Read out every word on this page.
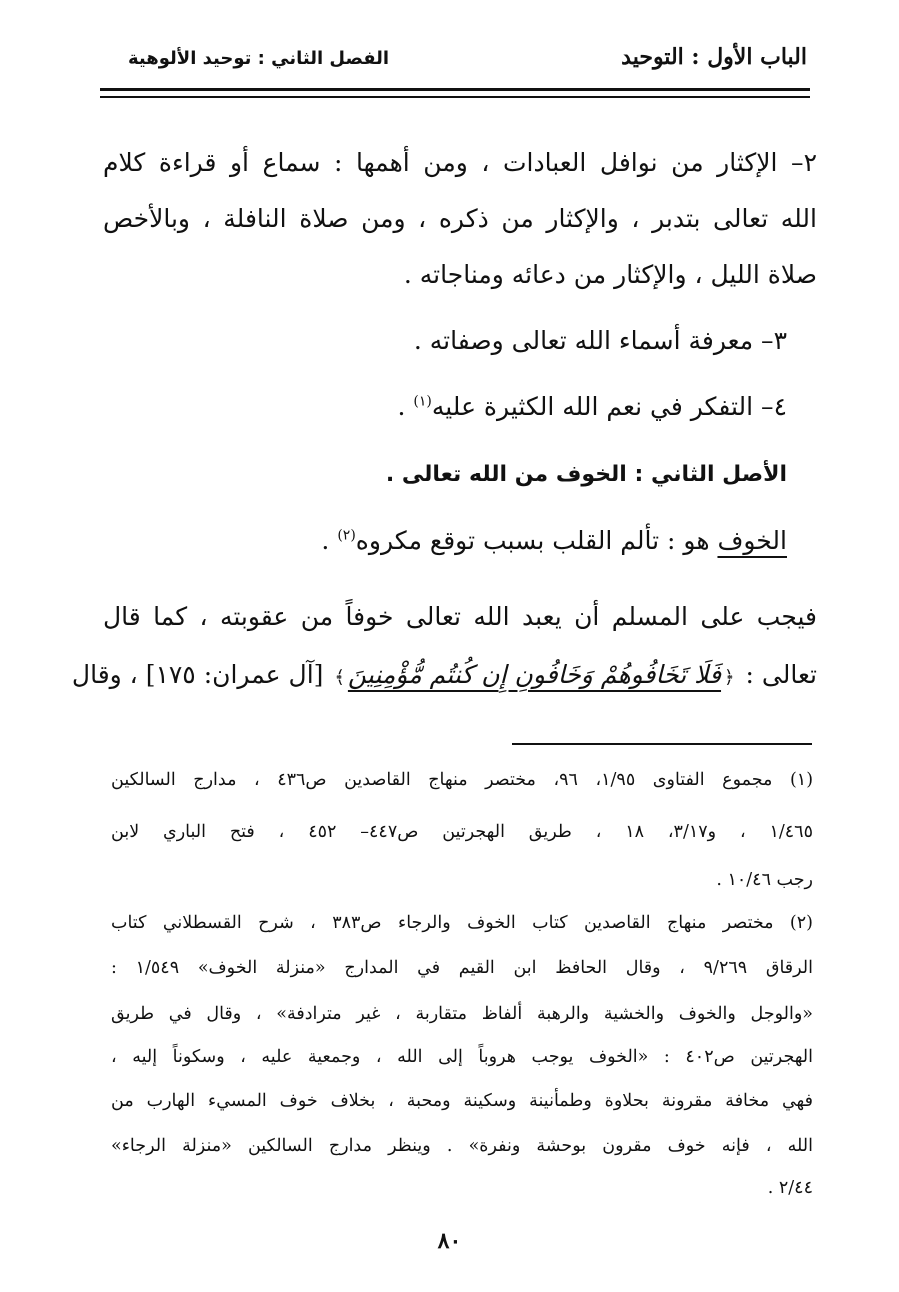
الباب الأول : التوحيد
الفصل الثاني : توحيد الألوهية
٢– الإكثار من نوافل العبادات ، ومن أهمها : سماع أو قراءة كلام
الله تعالى بتدبر ، والإكثار من ذكره ، ومن صلاة النافلة ، وبالأخص
صلاة الليل ، والإكثار من دعائه ومناجاته .
٣– معرفة أسماء الله تعالى وصفاته .
٤– التفكر في نعم الله الكثيرة عليه$^{(١)}$ .
الأصل الثاني : الخوف من الله تعالى .
الخوف هو : تألم القلب بسبب توقع مكروه$^{(٢)}$ .
فيجب على المسلم أن يعبد الله تعالى خوفاً من عقوبته ، كما قال
تعالى : ﴿فَلَا تَخَافُوهُمْ وَخَافُونِ إِن كُنتُم مُّؤْمِنِينَ﴾ [آل عمران: ١٧٥] ، وقال
(١) مجموع الفتاوى ١/٩٥، ٩٦، مختصر منهاج القاصدين ص٤٣٦ ، مدارج السالكين
١/٤٦٥ ، و٣/١٧، ١٨ ، طريق الهجرتين ص٤٤٧– ٤٥٢ ، فتح الباري لابن
رجب ١٠/٤٦ .
(٢) مختصر منهاج القاصدين كتاب الخوف والرجاء ص٣٨٣ ، شرح القسطلاني كتاب
الرقاق ٩/٢٦٩ ، وقال الحافظ ابن القيم في المدارج «منزلة الخوف» ١/٥٤٩ :
«والوجل والخوف والخشية والرهبة ألفاظ متقاربة ، غير مترادفة» ، وقال في طريق
الهجرتين ص٤٠٢ : «الخوف يوجب هروباً إلى الله ، وجمعية عليه ، وسكوناً إليه ،
فهي مخافة مقرونة بحلاوة وطمأنينة وسكينة ومحبة ، بخلاف خوف المسيء الهارب من
الله ، فإنه خوف مقرون بوحشة ونفرة» . وينظر مدارج السالكين «منزلة الرجاء»
٢/٤٤ .
٨٠
